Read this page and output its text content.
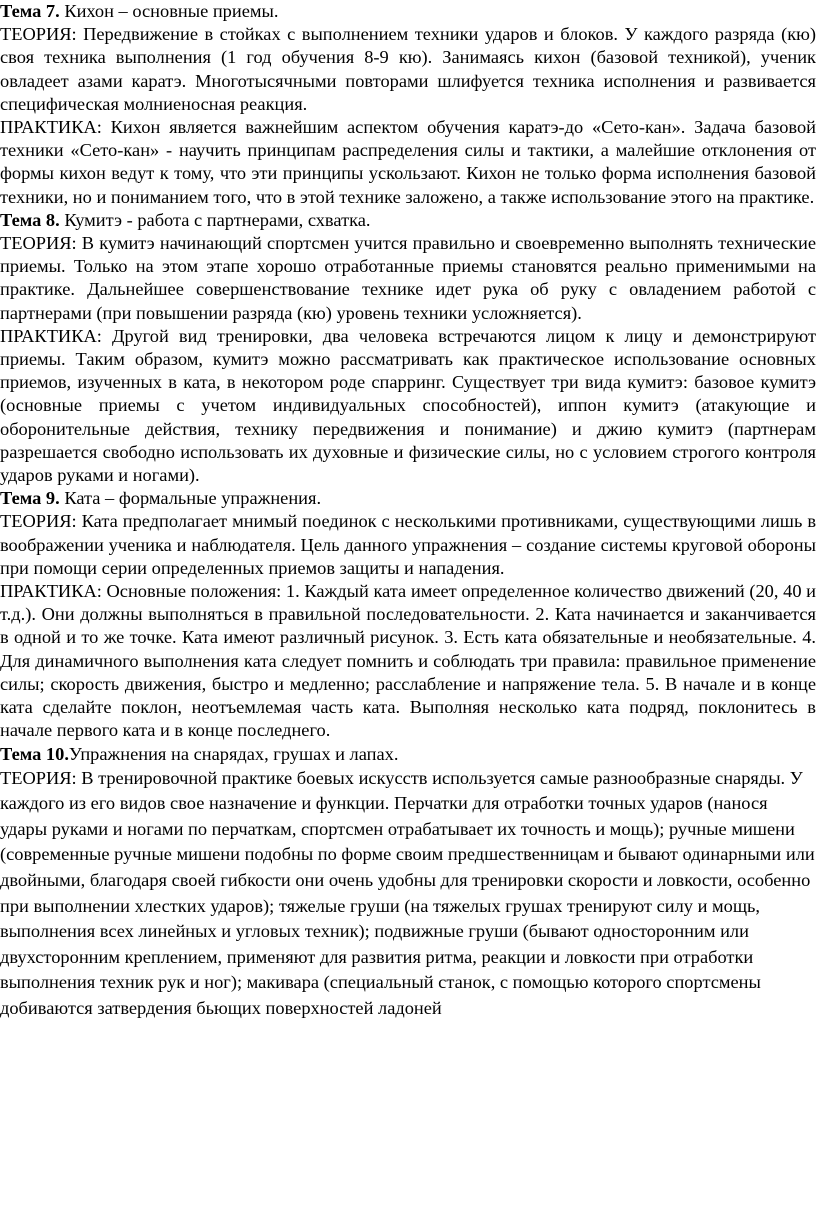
Тема 7. Кихон – основные приемы.

ТЕОРИЯ: Передвижение в стойках с выполнением техники ударов и блоков. У каждого разряда (кю) своя техника выполнения (1 год обучения 8-9 кю). Занимаясь кихон (базовой техникой), ученик овладеет азами каратэ. Многотысячными повторами шлифуется техника исполнения и развивается специфическая молниеносная реакция.

ПРАКТИКА: Кихон является важнейшим аспектом обучения каратэ-до «Сето-кан». Задача базовой техники «Сето-кан» - научить принципам распределения силы и тактики, а малейшие отклонения от формы кихон ведут к тому, что эти принципы ускользают. Кихон не только форма исполнения базовой техники, но и пониманием того, что в этой технике заложено, а также использование этого на практике.

Тема 8. Кумитэ - работа с партнерами, схватка.

ТЕОРИЯ: В кумитэ начинающий спортсмен учится правильно и своевременно выполнять технические приемы. Только на этом этапе хорошо отработанные приемы становятся реально применимыми на практике. Дальнейшее совершенствование технике идет рука об руку с овладением работой с партнерами (при повышении разряда (кю) уровень техники усложняется).

ПРАКТИКА: Другой вид тренировки, два человека встречаются лицом к лицу и демонстрируют приемы. Таким образом, кумитэ можно рассматривать как практическое использование основных приемов, изученных в ката, в некотором роде спарринг. Существует три вида кумитэ: базовое кумитэ (основные приемы с учетом индивидуальных способностей), иппон кумитэ (атакующие и оборонительные действия, технику передвижения и понимание) и джию кумитэ (партнерам разрешается свободно использовать их духовные и физические силы, но с условием строгого контроля ударов руками и ногами).

Тема 9. Ката – формальные упражнения.

ТЕОРИЯ: Ката предполагает мнимый поединок с несколькими противниками, существующими лишь в воображении ученика и наблюдателя. Цель данного упражнения – создание системы круговой обороны при помощи серии определенных приемов защиты и нападения.

ПРАКТИКА: Основные положения: 1. Каждый ката имеет определенное количество движений (20, 40 и т.д.). Они должны выполняться в правильной последовательности. 2. Ката начинается и заканчивается в одной и то же точке. Ката имеют различный рисунок. 3. Есть ката обязательные и необязательные. 4. Для динамичного выполнения ката следует помнить и соблюдать три правила: правильное применение силы; скорость движения, быстро и медленно; расслабление и напряжение тела. 5. В начале и в конце ката сделайте поклон, неотъемлемая часть ката. Выполняя несколько ката подряд, поклонитесь в начале первого ката и в конце последнего.

Тема 10.Упражнения на снарядах, грушах и лапах.

ТЕОРИЯ: В тренировочной практике боевых искусств используется самые разнообразные снаряды. У каждого из его видов свое назначение и функции. Перчатки для отработки точных ударов (нанося удары руками и ногами по перчаткам, спортсмен отрабатывает их точность и мощь); ручные мишени (современные ручные мишени подобны по форме своим предшественницам и бывают одинарными или двойными, благодаря своей гибкости они очень удобны для тренировки скорости и ловкости, особенно при выполнении хлестких ударов); тяжелые груши (на тяжелых грушах тренируют силу и мощь, выполнения всех линейных и угловых техник); подвижные груши (бывают односторонним или двухсторонним креплением, применяют для развития ритма, реакции и ловкости при отработки выполнения техник рук и ног); макивара (специальный станок, с помощью которого спортсмены добиваются затвердения бьющих поверхностей ладоней
